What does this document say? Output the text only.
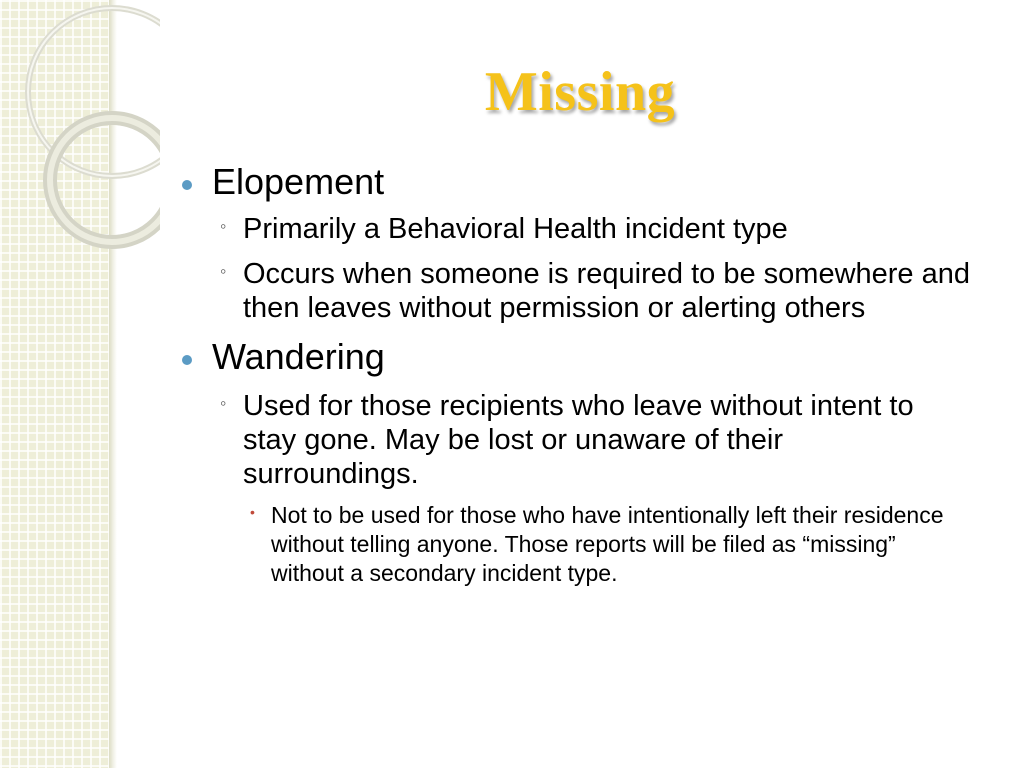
Missing
Elopement
◦ Primarily a Behavioral Health incident type
◦ Occurs when someone is required to be somewhere and then leaves without permission or alerting others
Wandering
◦ Used for those recipients who leave without intent to stay gone. May be lost or unaware of their surroundings.
• Not to be used for those who have intentionally left their residence without telling anyone. Those reports will be filed as “missing” without a secondary incident type.
